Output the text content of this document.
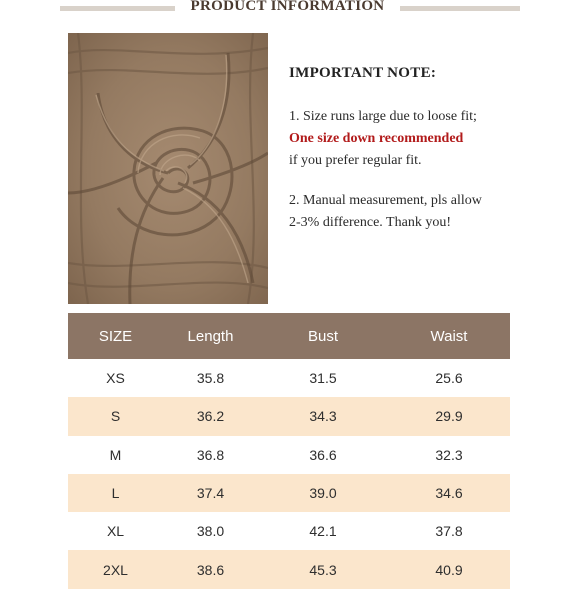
PRODUCT INFORMATION
IMPORTANT NOTE:
1. Size runs large due to loose fit;
One size down recommended
if you prefer regular fit.
2. Manual measurement, pls allow
2-3% difference. Thank you!
SIZE	Length	Bust	Waist
XS	35.8	31.5	25.6
S	36.2	34.3	29.9
M	36.8	36.6	32.3
L	37.4	39.0	34.6
XL	38.0	42.1	37.8
2XL	38.6	45.3	40.9
